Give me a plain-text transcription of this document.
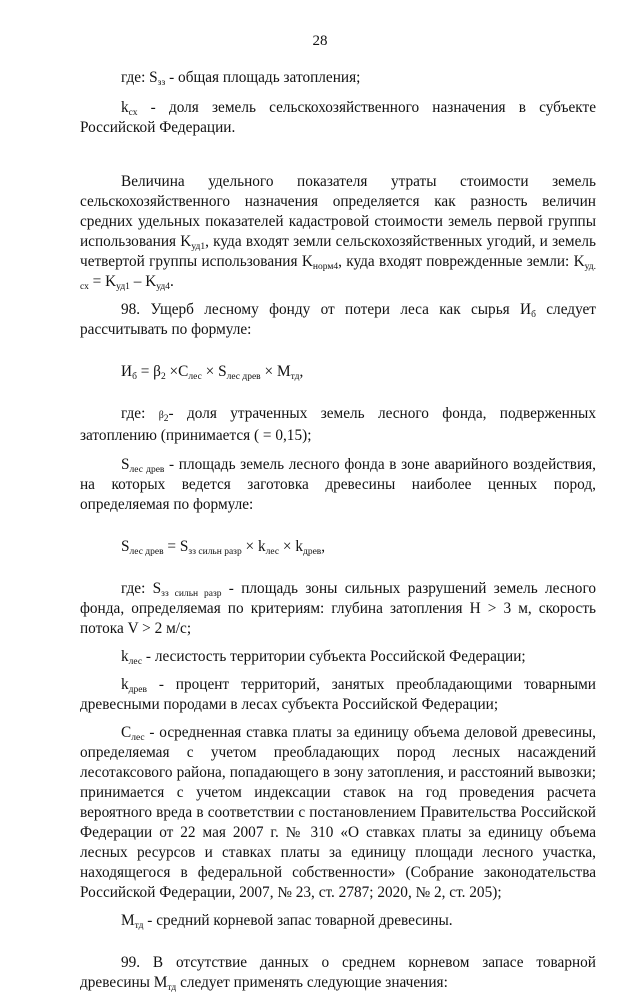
28

где: $S_{зз}$ - общая площадь затопления;

$k_{сх}$ - доля земель сельскохозяйственного назначения в субъекте Российской Федерации.

Величина удельного показателя утраты стоимости земель сельскохозяйственного назначения определяется как разность величин средних удельных показателей кадастровой стоимости земель первой группы использования $K_{уд1}$, куда входят земли сельскохозяйственных угодий, и земель четвертой группы использования $K_{норм4}$, куда входят поврежденные земли: $K_{уд. сх} = K_{уд1} - K_{уд4}$.

98. Ущерб лесному фонду от потери леса как сырья $И_б$ следует рассчитывать по формуле:

$И_б = \beta_2 \times С_{лес} \times S_{лес древ} \times M_{тд}$,

где: $\beta_2-$ доля утраченных земель лесного фонда, подверженных затоплению (принимается ( = 0,15);

$S_{лес древ}$ - площадь земель лесного фонда в зоне аварийного воздействия, на которых ведется заготовка древесины наиболее ценных пород, определяемая по формуле:

$S_{лес древ} = S_{зз сильн разр} \times k_{лес} \times k_{древ}$,

где: $S_{зз сильн разр}$ - площадь зоны сильных разрушений земель лесного фонда, определяемая по критериям: глубина затопления H > 3 м, скорость потока V > 2 м/с;

$k_{лес}$ - лесистость территории субъекта Российской Федерации;

$k_{древ}$ - процент территорий, занятых преобладающими товарными древесными породами в лесах субъекта Российской Федерации;

$С_{лес}$ - осредненная ставка платы за единицу объема деловой древесины, определяемая с учетом преобладающих пород лесных насаждений лесотаксового района, попадающего в зону затопления, и расстояний вывозки; принимается с учетом индексации ставок на год проведения расчета вероятного вреда в соответствии с постановлением Правительства Российской Федерации от 22 мая 2007 г. № 310 «О ставках платы за единицу объема лесных ресурсов и ставках платы за единицу площади лесного участка, находящегося в федеральной собственности» (Собрание законодательства Российской Федерации, 2007, № 23, ст. 2787; 2020, № 2, ст. 205);

$M_{тд}$ - средний корневой запас товарной древесины.

99. В отсутствие данных о среднем корневом запасе товарной древесины $M_{тд}$ следует применять следующие значения:
